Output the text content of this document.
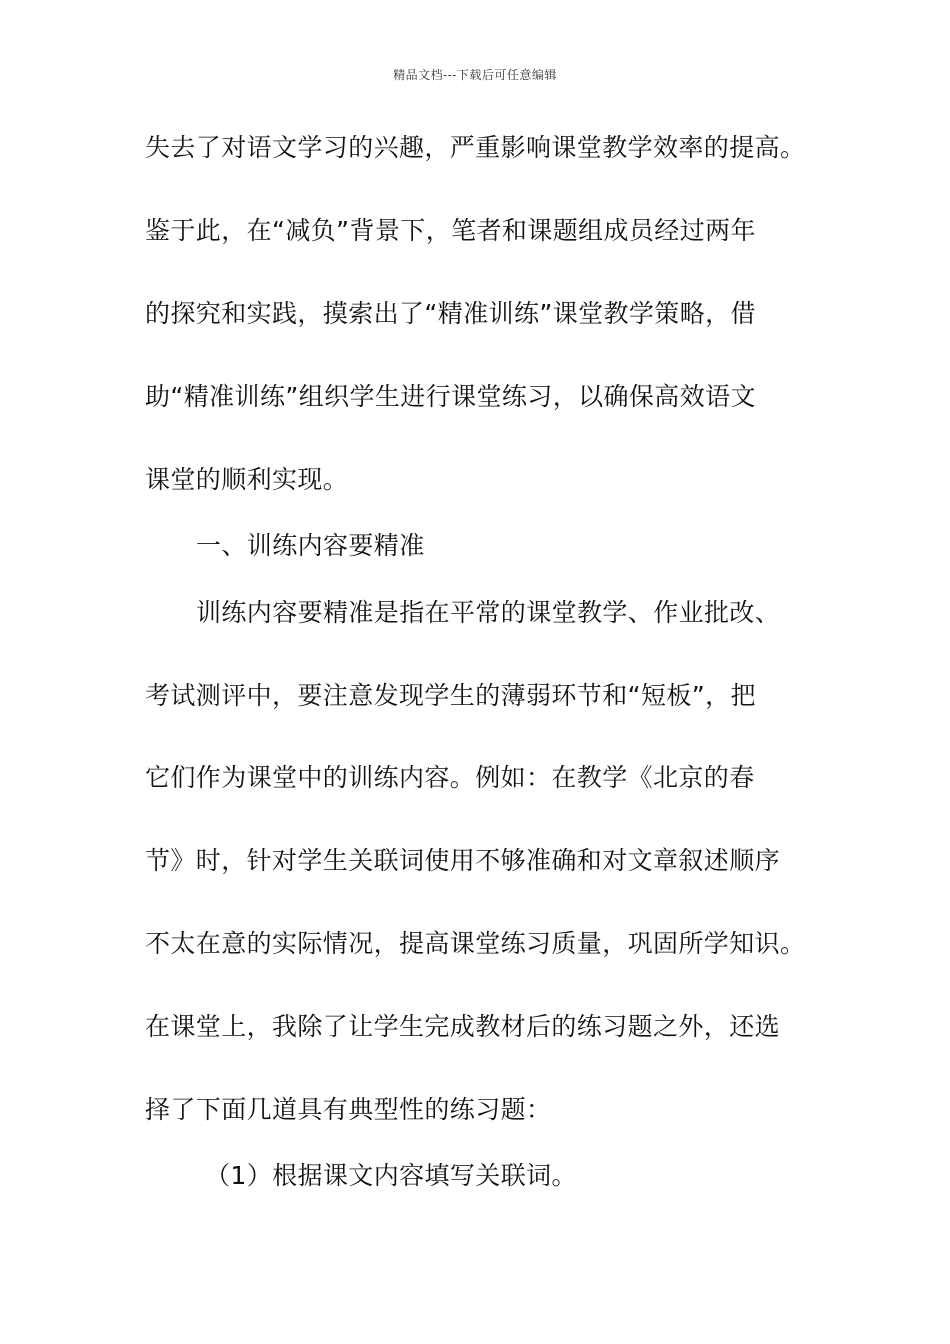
精品文档---下载后可任意编辑
失去了对语文学习的兴趣，严重影响课堂教学效率的提高。
鉴于此，在“减负”背景下，笔者和课题组成员经过两年
的探究和实践，摸索出了“精准训练”课堂教学策略，借
助“精准训练”组织学生进行课堂练习，以确保高效语文
课堂的顺利实现。
一、训练内容要精准
训练内容要精准是指在平常的课堂教学、作业批改、
考试测评中，要注意发现学生的薄弱环节和“短板”，把
它们作为课堂中的训练内容。例如：在教学《北京的春
节》时，针对学生关联词使用不够准确和对文章叙述顺序
不太在意的实际情况，提高课堂练习质量，巩固所学知识。
在课堂上，我除了让学生完成教材后的练习题之外，还选
择了下面几道具有典型性的练习题：
（1）根据课文内容填写关联词。
